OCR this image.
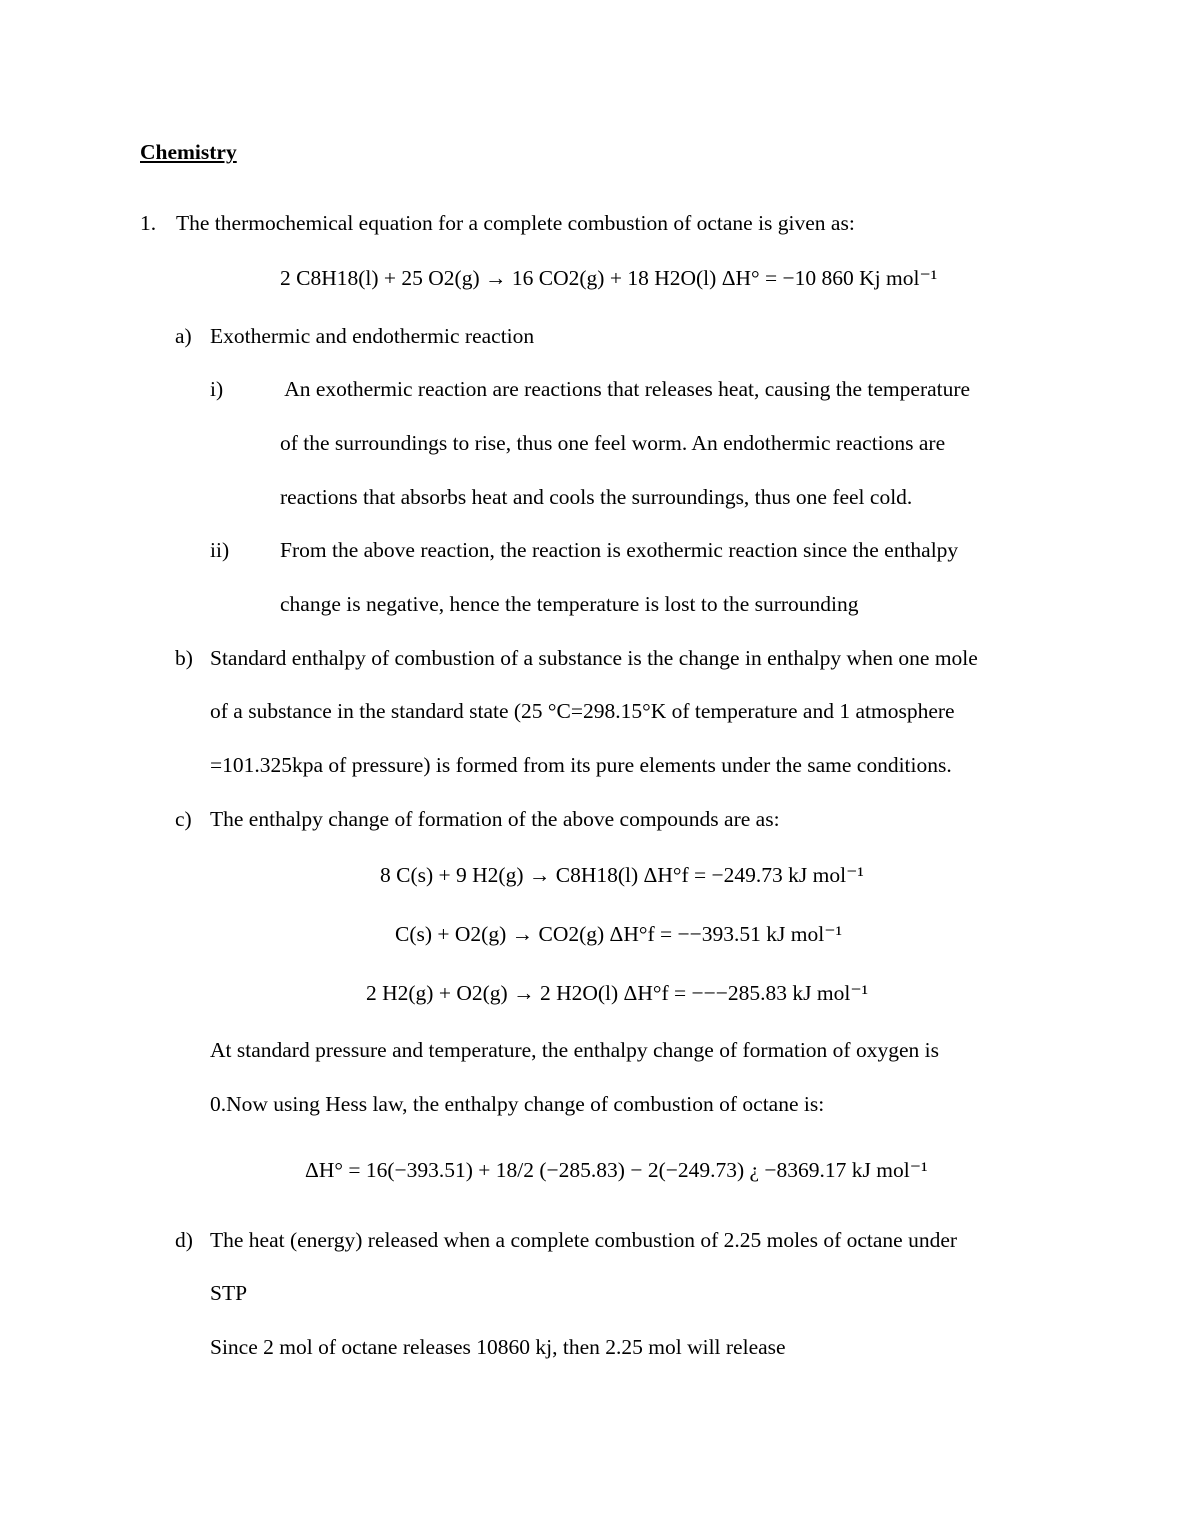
Chemistry
1. The thermochemical equation for a complete combustion of octane is given as:
2 C8H18(l) + 25 O2(g) → 16 CO2(g) + 18 H2O(l) ΔH° = −10 860 Kj mol⁻¹
a) Exothermic and endothermic reaction
i)	An exothermic reaction are reactions that releases heat, causing the temperature
of the surroundings to rise, thus one feel worm. An endothermic reactions are
reactions that absorbs heat and cools the surroundings, thus one feel cold.
ii) From the above reaction, the reaction is exothermic reaction since the enthalpy
change is negative, hence the temperature is lost to the surrounding
b) Standard enthalpy of combustion of a substance is the change in enthalpy when one mole
of a substance in the standard state (25 °C=298.15°K of temperature and 1 atmosphere
=101.325kpa of pressure) is formed from its pure elements under the same conditions.
c) The enthalpy change of formation of the above compounds are as:
8 C(s) + 9 H2(g) → C8H18(l) ΔH°f = −249.73 kJ mol⁻¹
C(s) + O2(g) → CO2(g) ΔH°f = −−393.51 kJ mol⁻¹
2 H2(g) + O2(g) → 2 H2O(l) ΔH°f = −−−285.83 kJ mol⁻¹
At standard pressure and temperature, the enthalpy change of formation of oxygen is
0.Now using Hess law, the enthalpy change of combustion of octane is:
ΔH° = 16(−393.51) + 18/2 (−285.83) − 2(−249.73) ¿ −8369.17 kJ mol⁻¹
d) The heat (energy) released when a complete combustion of 2.25 moles of octane under
STP
Since 2 mol of octane releases 10860 kj, then 2.25 mol will release
